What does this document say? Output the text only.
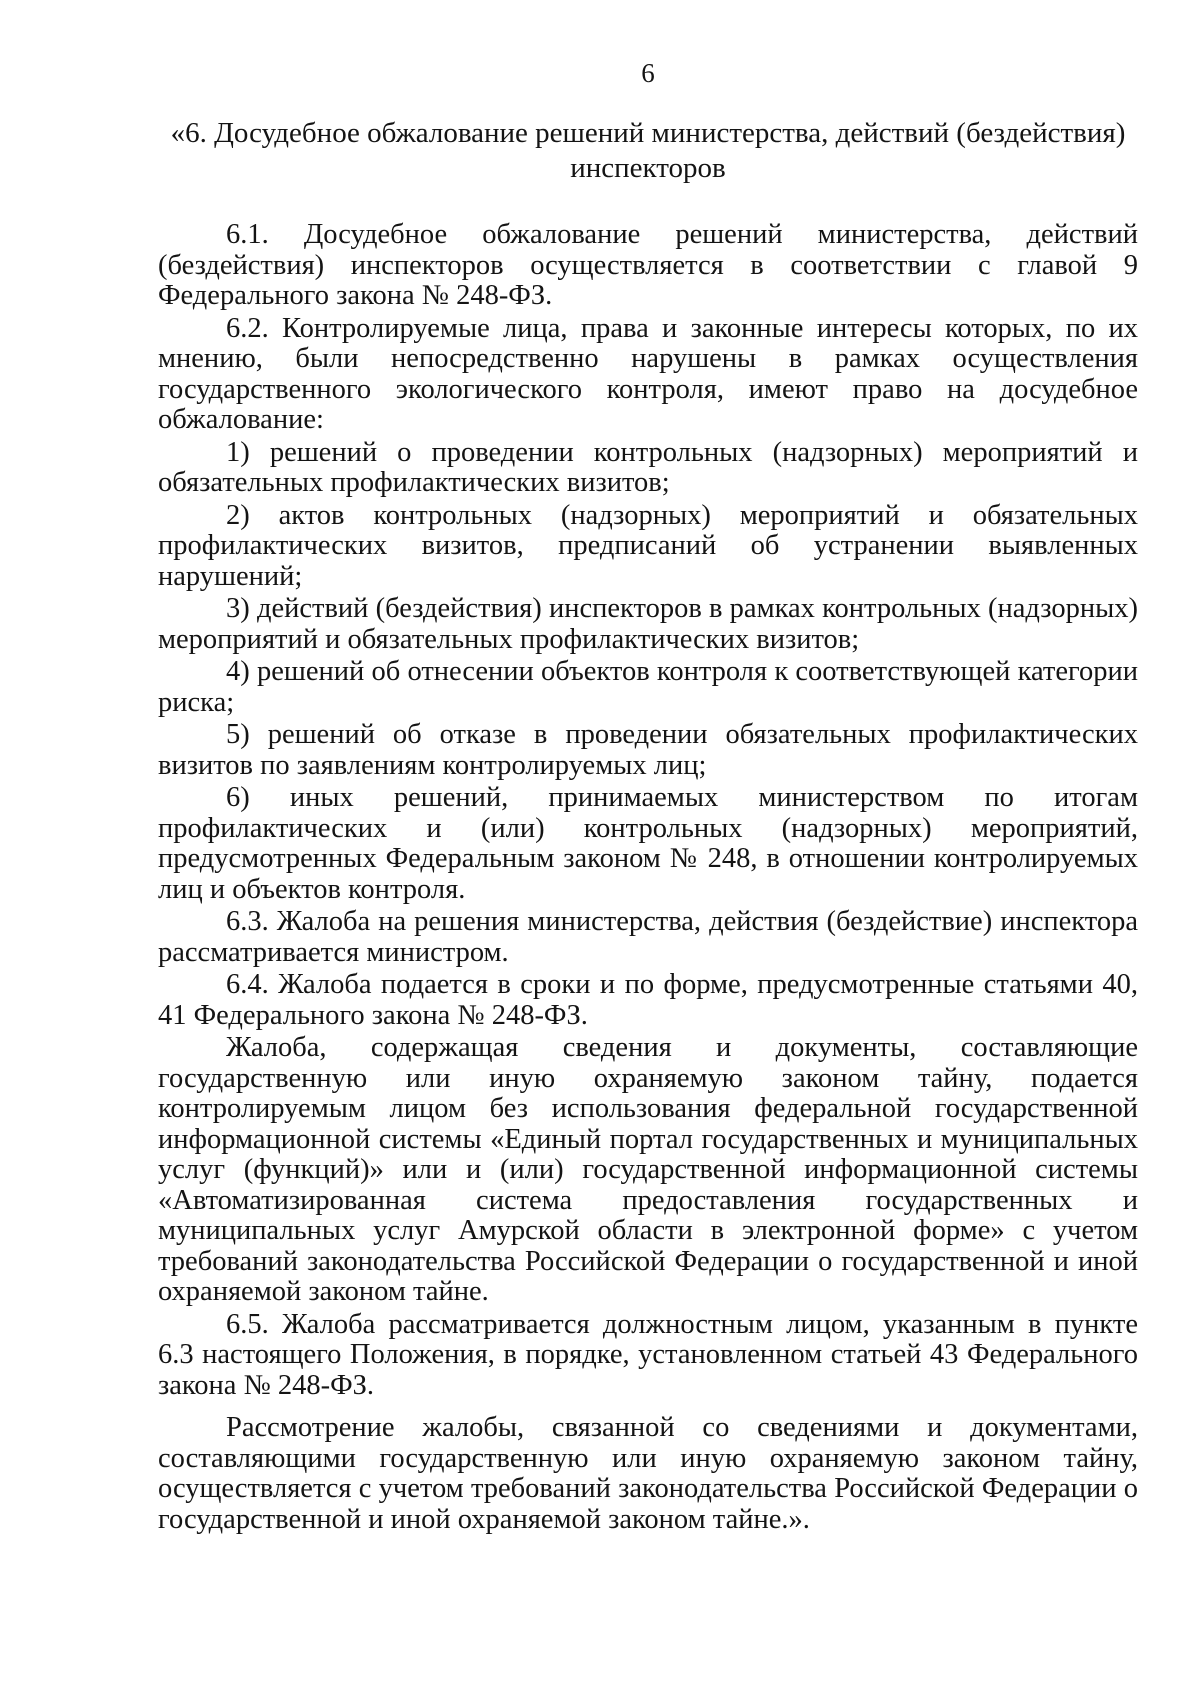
6
«6. Досудебное обжалование решений министерства, действий (бездействия)
инспекторов

6.1. Досудебное обжалование решений министерства, действий (бездействия) инспекторов осуществляется в соответствии с главой 9 Федерального закона № 248-ФЗ.

6.2. Контролируемые лица, права и законные интересы которых, по их мнению, были непосредственно нарушены в рамках осуществления государственного экологического контроля, имеют право на досудебное обжалование:

1) решений о проведении контрольных (надзорных) мероприятий и обязательных профилактических визитов;

2) актов контрольных (надзорных) мероприятий и обязательных профилактических визитов, предписаний об устранении выявленных нарушений;

3) действий (бездействия) инспекторов в рамках контрольных (надзорных) мероприятий и обязательных профилактических визитов;

4) решений об отнесении объектов контроля к соответствующей категории риска;

5) решений об отказе в проведении обязательных профилактических визитов по заявлениям контролируемых лиц;

6) иных решений, принимаемых министерством по итогам профилактических и (или) контрольных (надзорных) мероприятий, предусмотренных Федеральным законом № 248, в отношении контролируемых лиц и объектов контроля.

6.3. Жалоба на решения министерства, действия (бездействие) инспектора рассматривается министром.

6.4. Жалоба подается в сроки и по форме, предусмотренные статьями 40, 41 Федерального закона № 248-ФЗ.

Жалоба, содержащая сведения и документы, составляющие государственную или иную охраняемую законом тайну, подается контролируемым лицом без использования федеральной государственной информационной системы «Единый портал государственных и муниципальных услуг (функций)» или и (или) государственной информационной системы «Автоматизированная система предоставления государственных и муниципальных услуг Амурской области в электронной форме» с учетом требований законодательства Российской Федерации о государственной и иной охраняемой законом тайне.

6.5. Жалоба рассматривается должностным лицом, указанным в пункте 6.3 настоящего Положения, в порядке, установленном статьей 43 Федерального закона № 248-ФЗ.

Рассмотрение жалобы, связанной со сведениями и документами, составляющими государственную или иную охраняемую законом тайну, осуществляется с учетом требований законодательства Российской Федерации о государственной и иной охраняемой законом тайне.».
